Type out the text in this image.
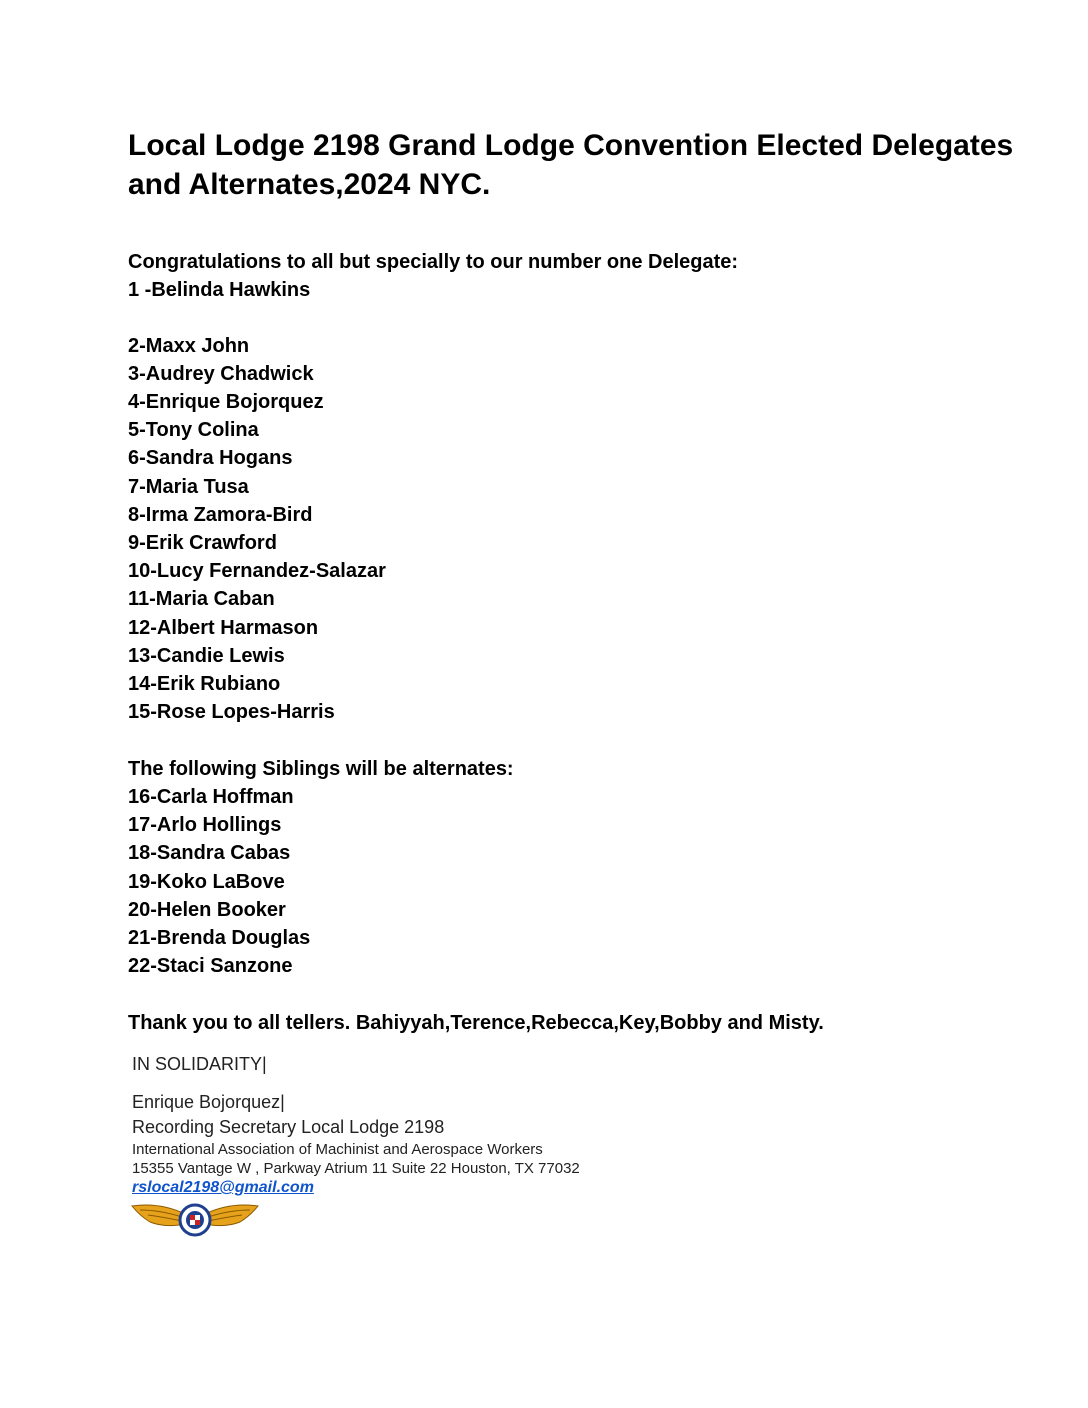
Local Lodge 2198 Grand Lodge Convention Elected Delegates and Alternates,2024 NYC.
Congratulations to all but specially to our number one Delegate:
1 -Belinda Hawkins
2-Maxx John
3-Audrey Chadwick
4-Enrique Bojorquez
5-Tony Colina
6-Sandra Hogans
7-Maria Tusa
8-Irma Zamora-Bird
9-Erik Crawford
10-Lucy Fernandez-Salazar
11-Maria Caban
12-Albert Harmason
13-Candie Lewis
14-Erik Rubiano
15-Rose Lopes-Harris
The following Siblings will be alternates:
16-Carla Hoffman
17-Arlo Hollings
18-Sandra Cabas
19-Koko LaBove
20-Helen Booker
21-Brenda Douglas
22-Staci Sanzone
Thank you to all tellers. Bahiyyah,Terence,Rebecca,Key,Bobby and Misty.
IN SOLIDARITY|
Enrique Bojorquez|
Recording Secretary Local Lodge 2198
International Association of Machinist and Aerospace Workers
15355 Vantage W , Parkway Atrium 11 Suite 22 Houston, TX 77032
rslocal2198@gmail.com
